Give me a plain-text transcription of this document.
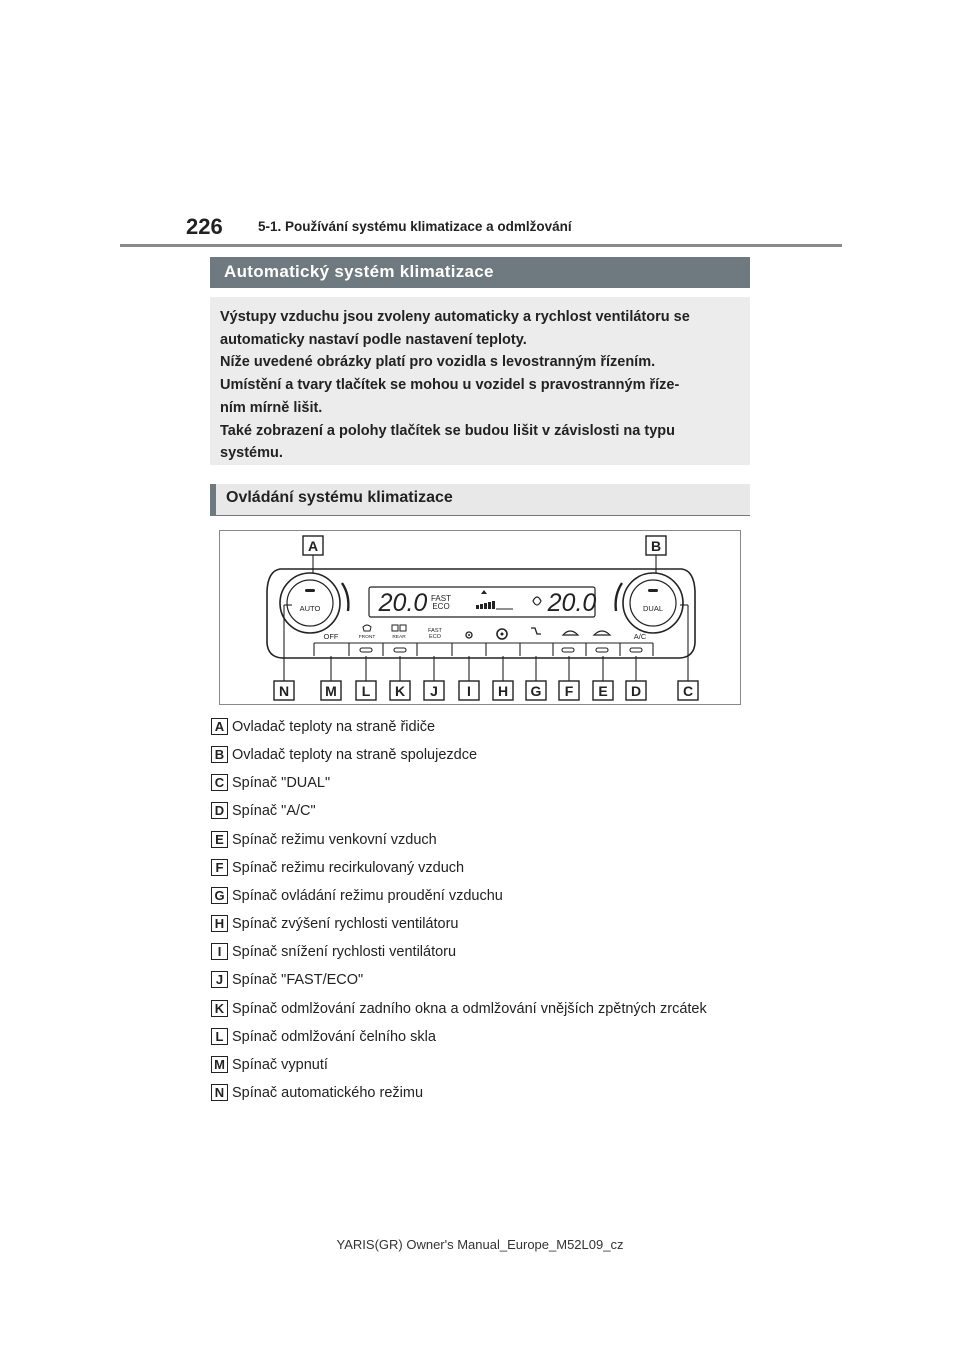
226	5-1. Používání systému klimatizace a odmlžování
Automatický systém klimatizace

Výstupy vzduchu jsou zvoleny automaticky a rychlost ventilátoru se
automaticky nastaví podle nastavení teploty.
Níže uvedené obrázky platí pro vozidla s levostranným řízením.
Umístění a tvary tlačítek se mohou u vozidel s pravostranným říze-
ním mírně lišit.
Také zobrazení a polohy tlačítek se budou lišit v závislosti na typu
systému.

Ovládání systému klimatizace
AUTO	DUAL
20.0	20.0
FAST
ECO
OFF	FRONT	REAR
FAST
ECO	A/C
A	B
N	M L K J I H G F E D	C
A Ovladač teploty na straně řidiče
B Ovladač teploty na straně spolujezdce
C Spínač "DUAL"
D Spínač "A/C"
E Spínač režimu venkovní vzduch
F Spínač režimu recirkulovaný vzduch
G Spínač ovládání režimu proudění vzduchu
H Spínač zvýšení rychlosti ventilátoru
I Spínač snížení rychlosti ventilátoru
J Spínač "FAST/ECO"
K Spínač odmlžování zadního okna a odmlžování vnějších zpětných zrcátek
L Spínač odmlžování čelního skla
M Spínač vypnutí
N Spínač automatického režimu
YARIS(GR) Owner's Manual_Europe_M52L09_cz
